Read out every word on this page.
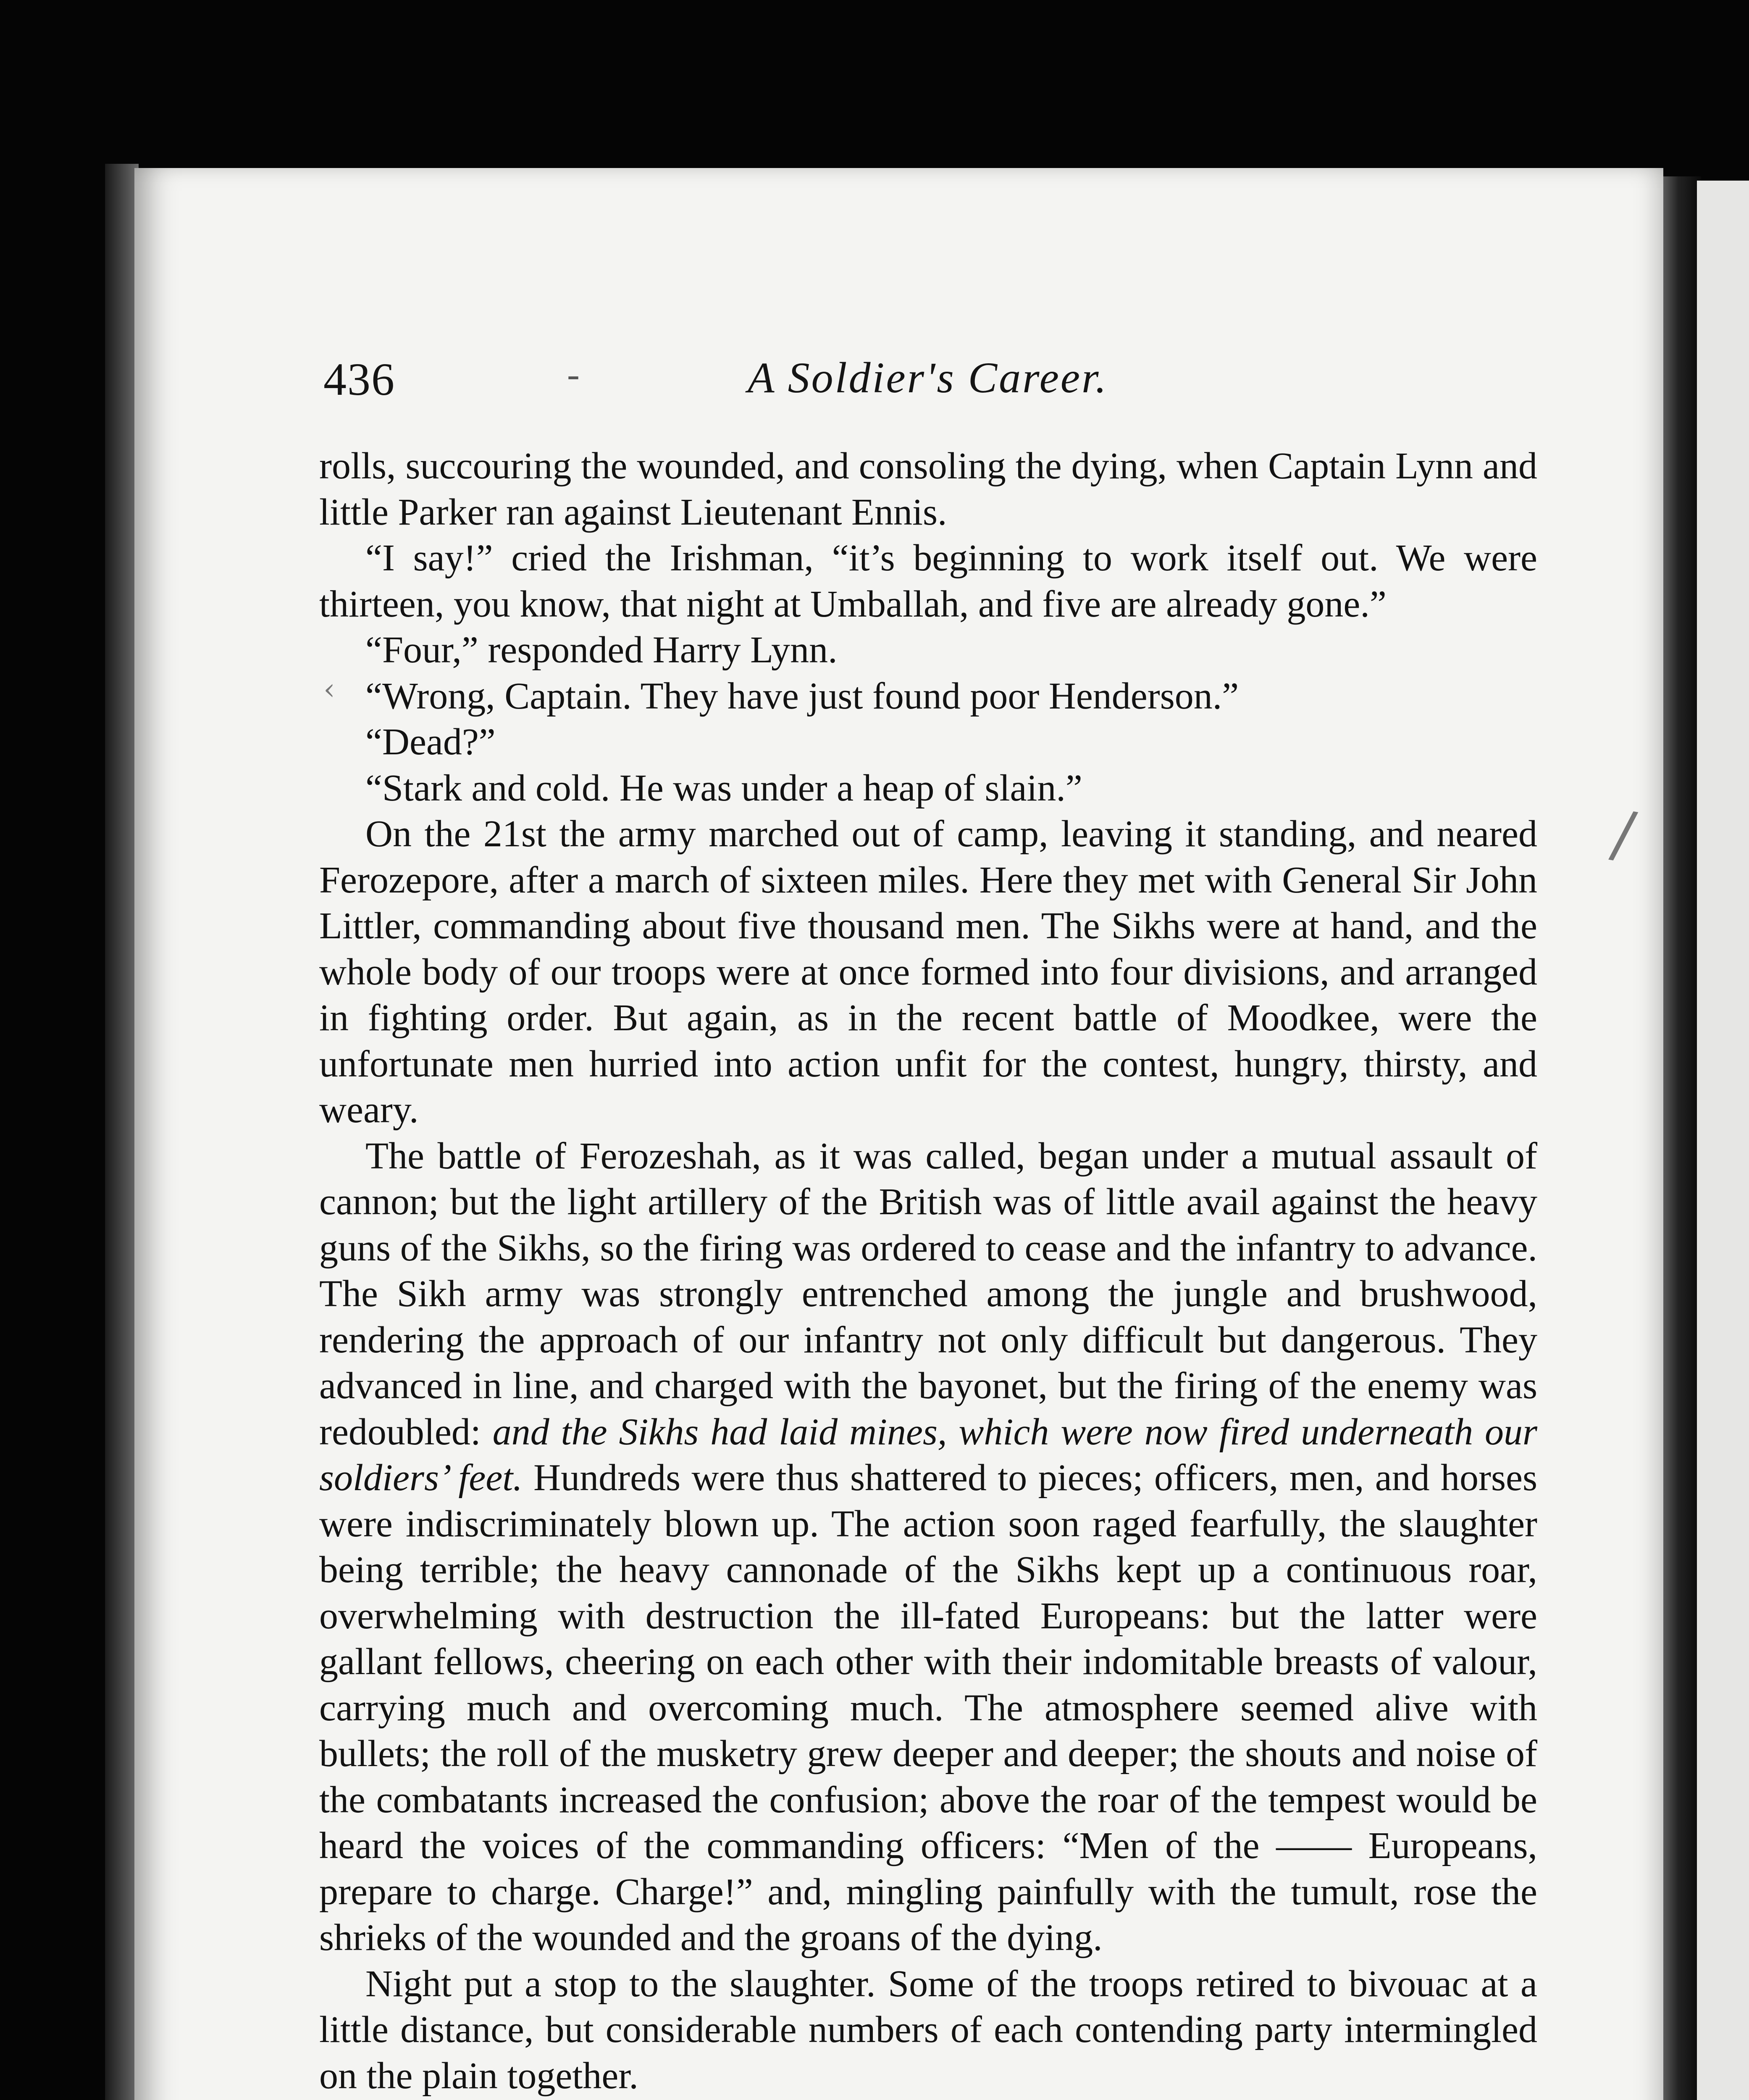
436	-	A Soldier's Career.

rolls, succouring the wounded, and consoling the dying, when Captain Lynn and little Parker ran against Lieutenant Ennis.

“I say!” cried the Irishman, “it’s beginning to work itself out. We were thirteen, you know, that night at Umballah, and five are already gone.”

“Four,” responded Harry Lynn.

“Wrong, Captain. They have just found poor Henderson.”

“Dead?”

“Stark and cold. He was under a heap of slain.”

On the 21st the army marched out of camp, leaving it standing, and neared Ferozepore, after a march of sixteen miles. Here they met with General Sir John Littler, commanding about five thousand men. The Sikhs were at hand, and the whole body of our troops were at once formed into four divisions, and arranged in fighting order. But again, as in the recent battle of Moodkee, were the unfortunate men hurried into action unfit for the contest, hungry, thirsty, and weary.

The battle of Ferozeshah, as it was called, began under a mutual assault of cannon; but the light artillery of the British was of little avail against the heavy guns of the Sikhs, so the firing was ordered to cease and the infantry to advance. The Sikh army was strongly entrenched among the jungle and brushwood, rendering the approach of our infantry not only difficult but dangerous. They advanced in line, and charged with the bayonet, but the firing of the enemy was redoubled: and the Sikhs had laid mines, which were now fired underneath our soldiers’ feet. Hundreds were thus shattered to pieces; officers, men, and horses were indiscriminately blown up. The action soon raged fearfully, the slaughter being terrible; the heavy cannonade of the Sikhs kept up a continuous roar, overwhelming with destruction the ill-fated Europeans: but the latter were gallant fellows, cheering on each other with their indomitable breasts of valour, carrying much and overcoming much. The atmosphere seemed alive with bullets; the roll of the musketry grew deeper and deeper; the shouts and noise of the combatants increased the confusion; above the roar of the tempest would be heard the voices of the commanding officers: “Men of the —— Europeans, prepare to charge. Charge!” and, mingling painfully with the tumult, rose the shrieks of the wounded and the groans of the dying.

Night put a stop to the slaughter. Some of the troops retired to bivouac at a little distance, but considerable numbers of each contending party intermingled on the plain together.

‹
/
